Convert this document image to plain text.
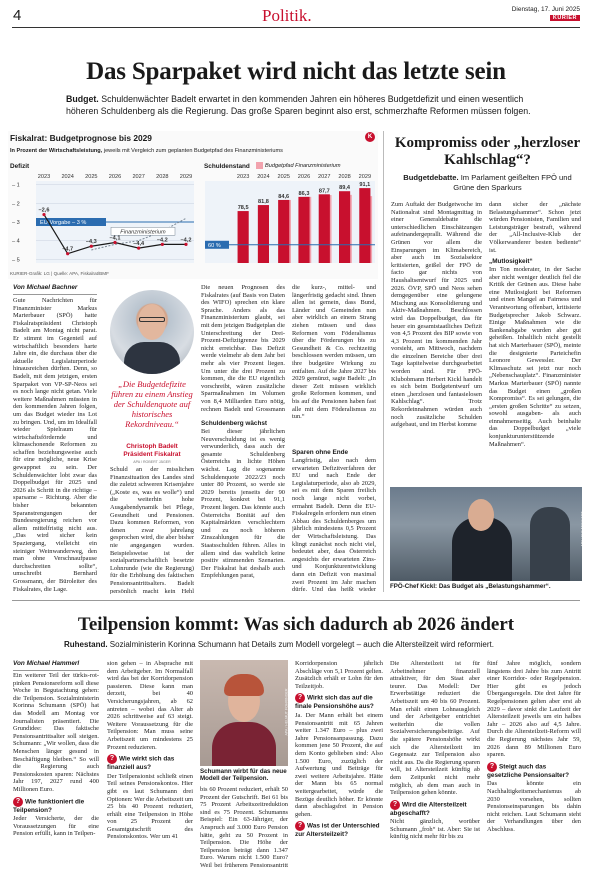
4	Politik.	Dienstag, 17. Juni 2025
KURIER
Das Sparpaket wird nicht das letzte sein
Budget. Schuldenwächter Badelt erwartet in den kommenden Jahren ein höheres Budgetdefizit und einen wesentlich höheren Schuldenberg als die Regierung. Das große Sparen beginnt also erst, schmerzhafte Reformen müssen folgen.
Fiskalrat: Budgetprognose bis 2029	K
In Prozent der Wirtschaftsleistung, jeweils mit Vergleich zum geplanten Budgetpfad des Finanzministeriums
Defizit
– 1
– 2
– 3
– 4
– 5
2023 2024 2025 2026 2027 2028 2029
EU-Vorgabe – 3 %
Finanzministerium
–2,6
–4,7
–4,3
–4,1
–4,4
–4,2 –4,2
Schuldenstand	Budgetpfad Finanzministerium
2023 2024 2025 2026 2027 2028 2029
78,5
81,8
84,6
86,3 87,7
89,4
91,1
60 %
KURIER-Grafik: LG | Quelle: APA, Fiskalrat/BMF
Von Michael Bachner

Gute Nachrichten für Finanzminister Markus Marterbauer (SPÖ) hatte Fiskalratspräsident Christoph Badelt am Montag nicht parat. Er stimmt im Gegenteil auf wirtschaftlich besonders harte Jahre ein, die durchaus über die aktuelle Legislaturperiode hinausreichen dürften. Denn, so Badelt, mit dem jetzigen, ersten Sparpaket von VP-SP-Neos sei es noch lange nicht getan. Viele weitere Maßnahmen müssten in den kommenden Jahren folgen, um das Budget wieder ins Lot zu bringen. Und, um im Idealfall wieder Spielraum für wirtschaftsfördernde und klimaschonende Reformen zu schaffen beziehungsweise auch für eine mögliche, neue Krise gewappnet zu sein. Der Schuldenwächter lobt zwar das Doppelbudget für 2025 und 2026 als Schritt in die richtige – sparsame – Richtung. Aber die bisher bekannten Sparanstrengungen der Bundesregierung reichen vor allem mittelfristig nicht aus. „Das wird sicher kein Spaziergang, vielleicht ein steiniger Weinwanderweg, den man ohne Verschnaufpause durchschreiten sollte“, umschreibt Bernhard Grossmann, der Büroleiter des Fiskalrates, die Lage.

„Die Budgetdefizite führen zu einem Anstieg der Schuldenquote auf historisches Rekordniveau.“
Christoph Badelt
Präsident Fiskalrat
APA / ROBERT JÄGER

Schuld an der misslichen Finanzsituation des Landes sind die zuletzt schweren Krisenjahre („Koste es, was es wolle“) und die weiterhin hohe Ausgabendynamik bei Pflege, Gesundheit und Pensionen. Dazu kommen Reformen, von denen zwar jahrelang gesprochen wird, die aber bisher nie angegangen wurden. Beispielsweise ist der sozialpartnerschaftlich besetzte Lohnrunde (wie die Regierung) für die Erhöhung des faktischen Pensionsantrittsalters. Badelt persönlich macht kein Hehl

Die neuen Prognosen des Fiskalrates (auf Basis von Daten des WIFO) sprechen ein klare Sprache. Anders als das Finanzministerium glaubt, sei mit dem jetzigen Budgetplan die Unterschreitung der Drei-Prozent-Defizitgrenze bis 2029 nicht erreichbar. Das Defizit werde vielmehr ab dem Jahr bei mehr als vier Prozent liegen. Um unter die drei Prozent zu kommen, die die EU eigentlich vorschreibt, wären zusätzliche Sparmaßnahmen im Volumen von 8,4 Milliarden Euro nötig, rechnen Badelt und Grossmann

Schuldenberg wächst

Bei dieser jährlichen Neuverschuldung ist es wenig verwunderlich, dass auch der gesamte Schuldenberg Österreichs in lichte Höhen wächst. Lag die sogenannte Schuldenquote 2022/23 noch unter 80 Prozent, so werde sie 2029 bereits jenseits der 90 Prozent, konkret bei 91,1 Prozent liegen. Das könnte auch Österreichs Bonität auf den Kapitalmärkten verschlechtern und zu noch höheren Zinszahlungen für die Staatsschulden führen. Alles in allem sind das wahrlich keine positiv stimmenden Szenarien. Der Fiskalrat hat deshalb auch Empfehlungen parat,

die kurz-, mittel- und längerfristig gedacht sind. Ihnen allen ist gemein, dass Bund, Länder und Gemeinden nun aber wirklich an einem Strang ziehen müssen und dass Reformen vom Föderalismus über die Förderungen bis zu Gesundheit & Co. rechtzeitig beschlossen werden müssen, um ihre budgetäre Wirkung zu entfalten. Auf die Jahre 2027 bis 2029 gemünzt, sagte Badelt: „In dieser Zeit müssen wirklich große Reformen kommen, und bis auf die Pensionen haben fast alle mit dem Föderalismus zu tun.“

Sparen ohne Ende

Langfristig, also nach dem erwarteten Defizitverfahren der EU und nach Ende der Legislaturperiode, also ab 2029, sei es mit dem Sparen freilich noch lange nicht vorbei, ermahnt Badelt. Denn die EU-Fiskalregeln erfordern nun einen Abbau des Schuldenberges um jährlich mindestens 0,5 Prozent der Wirtschaftsleistung. Das klingt zunächst noch nicht viel, bedeutet aber, dass Österreich angesichts der erwarteten Zins- und Konjunkturentwicklung dann ein Defizit von maximal zwei Prozent im Jahr machen dürfe. Und das heißt wieder

Kompromiss oder „herzloser Kahlschlag“?
Budgetdebatte. Im Parlament geißelten FPÖ und Grüne den Sparkurs

Zum Auftakt der Budgetwoche im Nationalrat sind Montagmittag in einer Generaldebatte die unterschiedlichen Einschätzungen aufeinandergeprallt. Während die Grünen vor allem die Einsparungen im Klimabereich, aber auch im Sozialsektor kritisierten, geißel der FPÖ de facto gar nichts von Haushaltsentwurf für 2025 und 2026. ÖVP, SPÖ und Neos sehen demgegenüber eine gelungene Mischung aus Konsolidierung und Aktiv-Maßnahmen. Beschlossen wird das Doppelbudget, das für heuer ein gesamtstaatliches Defizit von 4,5 Prozent des BIP sowie von 4,3 Prozent im kommenden Jahr vorsieht, am Mittwoch, nachdem die einzelnen Bereiche über drei Tage kapitelweise durchgearbeitet worden sind. Für FPÖ-Klubobmann Herbert Kickl handelt es sich beim Budgetentwurf um einen „herzlosen und fantasielosen Kahlschlag“. Trotz Rekordeinnahmen würden auch noch zusätzliche Schulden aufgebaut, und im Herbst komme

dann sicher der „nächste Belastungshammer“. Schon jetzt würden Pensionisten, Familien und Leistungsträger bestraft, während der „All-Inclusive-Klub der Völkerwanderer besten bediente“ ist.

„Mutlosigkeit“

Im Ton moderater, in der Sache aber nicht weniger deutlich fiel die Kritik der Grünen aus. Diese habe eine Mutlosigkeit bei Reformen und einen Mangel an Fairness und Verantwortung offenbart, kritisierte Budgetsprecher Jakob Schwarz. Einige Maßnahmen wie die Bankenabgabe wurden aber gut geheißen. Inhaltlich nicht gestellt hat sich Marterbauer (SPÖ), meinte die designierte Parteichefin Leonore Gewessler. Der Klimaschutz sei jetzt nur noch „Nebenschauplatz“. Finanzminister Markus Marterbauer (SPÖ) nannte das Budget einen „großen Kompromiss“. Es sei gelungen, die „ersten großen Schritte“ zu setzen, sowohl ausgaben- als auch einnahmenseitig. Auch beinhalte das Doppelbudget „viele konjunkturunterstützende Maßnahmen“.

FPÖ-Chef Kickl: Das Budget als „Belastungshammer“.
Teilpension kommt: Was sich dadurch ab 2026 ändert
Ruhestand. Sozialministerin Korinna Schumann hat Details zum Modell vorgelegt – auch die Altersteilzeit wird reformiert.
Von Michael Hammerl

Ein weiterer Teil der türkis-rot-pinken Pensionsreform soll diese Woche in Begutachtung gehen: die Teilpension. Sozialministerin Korinna Schumann (SPÖ) hat das Modell am Montag vor Journalisten präsentiert. Die Grundidee: Das faktische Pensionsantrittsalter soll steigen. Schumann: „Wir wollen, dass die Menschen länger gesund in Beschäftigung bleiben.“ So will die Regierung auch Pensionskosten sparen: Nächstes Jahr 197, 2027 rund 400 Millionen Euro.

? Wie funktioniert die Teilpension?

Jeder Versicherte, der die Voraussetzungen für eine Pension erfüllt, kann in Teilpen-

sion gehen – in Absprache mit dem Arbeitgeber. Im Normalfall wird das bei der Korridorpension passieren. Diese kann man derzeit, bei 40 Versicherungsjahren, ab 62 antreten – wobei das Alter ab 2026 schrittweise auf 63 steigt. Weitere Voraussetzung für die Teilpension: Man muss seine Arbeitszeit um mindestens 25 Prozent reduzieren.

? Wie wirkt sich das finanziell aus?

Der Teilpensionist schließt einen Teil seines Pensionskontos. Hier gibt es laut Schumann drei Optionen: Wer die Arbeitszeit um 25 bis 40 Prozent reduziert, erhält eine Teilpension in Höhe von 25 Prozent der Gesamtgutschrift des Pensionskontos. Wer um 41

APA HELMUT FOHRINGER
Schumann wirbt für das neue Modell der Teilpension.

bis 60 Prozent reduziert, erhält 50 Prozent der Gutschrift. Bei 61 bis 75 Prozent Arbeitszeitreduktion sind es 75 Prozent. Schumanns Beispiel: Ein 63-Jähriger, der Anspruch auf 3.000 Euro Pension hätte, geht zu 50 Prozent in Teilpension. Die Höhe der Teilpension beträgt dann 1.347 Euro. Warum nicht 1.500 Euro? Weil bei früherem Pensionsantritt

Korridorpension jährlich Abschläge von 5,1 Prozent gelten. Zusätzlich erhält er Lohn für den Teilzeitjob.

? Wirkt sich das auf die finale Pensionshöhe aus?

Ja. Der Mann erhält bei einem Pensionsantritt mit 65 Jahren weiter 1.347 Euro – plus zwei Jahre Pensionsanpassung. Dazu kommen jene 50 Prozent, die auf dem Konto geblieben sind: Also 1.500 Euro, zuzüglich der Aufwertung und Beiträge für zwei weitere Arbeitsjahre. Hätte der Mann bis 65 normal weitergearbeitet, würde die Bezüge deutlich höher. Er könnte dann abschlagsfrei in Pension gehen.

? Was ist der Unterschied zur Altersteilzeit?

Die Altersteilzeit ist für Arbeitnehmer finanziell attraktiver, für den Staat aber teurer. Das Modell: Der Erwerbstätige reduziert die Arbeitszeit um 40 bis 60 Prozent. Man erhält einen Lohnausgleich und der Arbeitgeber entrichtet weiterhin die vollen Sozialversicherungsbeiträge. Auf die spätere Pensionshöhe wirkt sich die Altersteilzeit im Gegensatz zur Teilpension also nicht aus. Da die Regierung sparen will, ist Altersteilzeit künftig ab dem Zeitpunkt nicht mehr möglich, ab dem man auch in Teilpension gehen könnte.

? Wird die Altersteilzeit abgeschafft?

Nicht gänzlich, worüber Schumann „froh“ ist. Aber: Sie ist künftig nicht mehr für bis zu

fünf Jahre möglich, sondern längstens drei Jahre bis zum Antritt einer Korridor- oder Regelpension. Hier gibt es jedoch Übergangsregeln. Die drei Jahre für Regelpensionen gelten aber erst ab 2029 – davor sinkt die Laufzeit der Altersteilzeit jeweils um ein halbes Jahr – 2026 also auf 4,5 Jahre. Durch die Altersteilzeit-Reform will die Regierung nächstes Jahr 59, 2026 dann 89 Millionen Euro sparen.

? Steigt auch das gesetzliche Pensionsalter?

Das könnte ein Nachhaltigkeitsmechanismus ab 2030 vorsehen, sollten Pensionseinsparungen bis dahin nicht reichen. Laut Schumann steht der Verhandlungen über den Abschluss.
